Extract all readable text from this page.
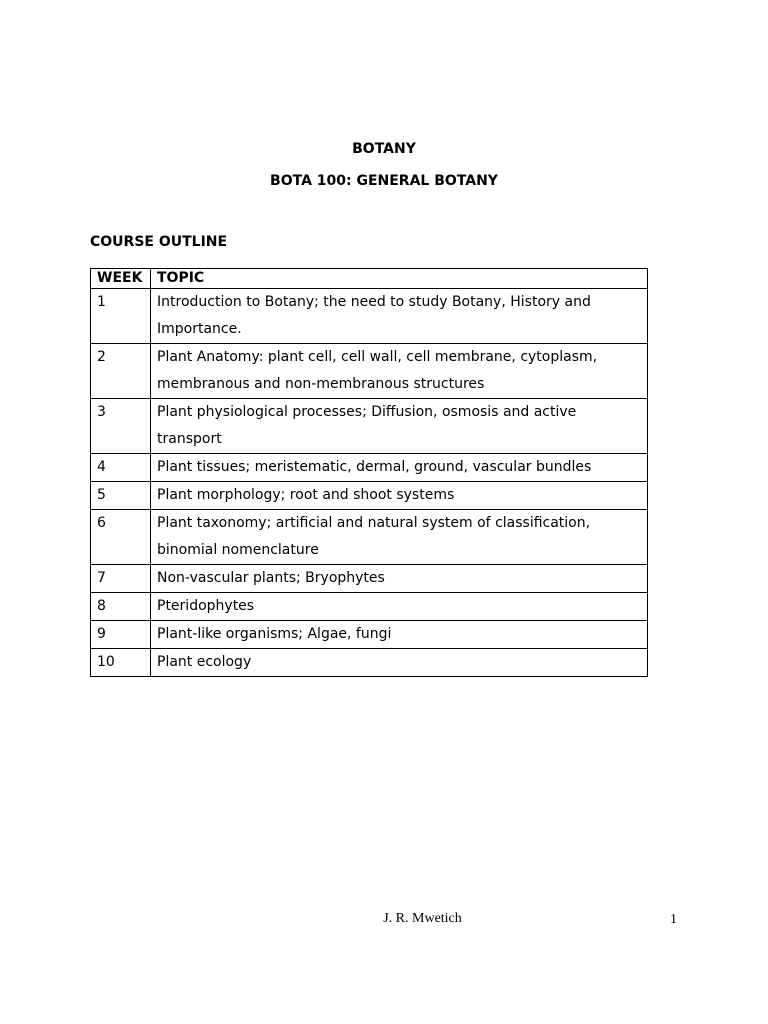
BOTANY
BOTA 100: GENERAL BOTANY
COURSE OUTLINE
WEEK	TOPIC
1	Introduction to Botany; the need to study Botany, History and Importance.
2	Plant Anatomy: plant cell, cell wall, cell membrane, cytoplasm, membranous and non-membranous structures
3	Plant physiological processes; Diffusion, osmosis and active transport
4	Plant tissues; meristematic, dermal, ground, vascular bundles
5	Plant morphology; root and shoot systems
6	Plant taxonomy; artificial and natural system of classification, binomial nomenclature
7	Non-vascular plants; Bryophytes
8	Pteridophytes
9	Plant-like organisms; Algae, fungi
10	Plant ecology
J. R. Mwetich	1
